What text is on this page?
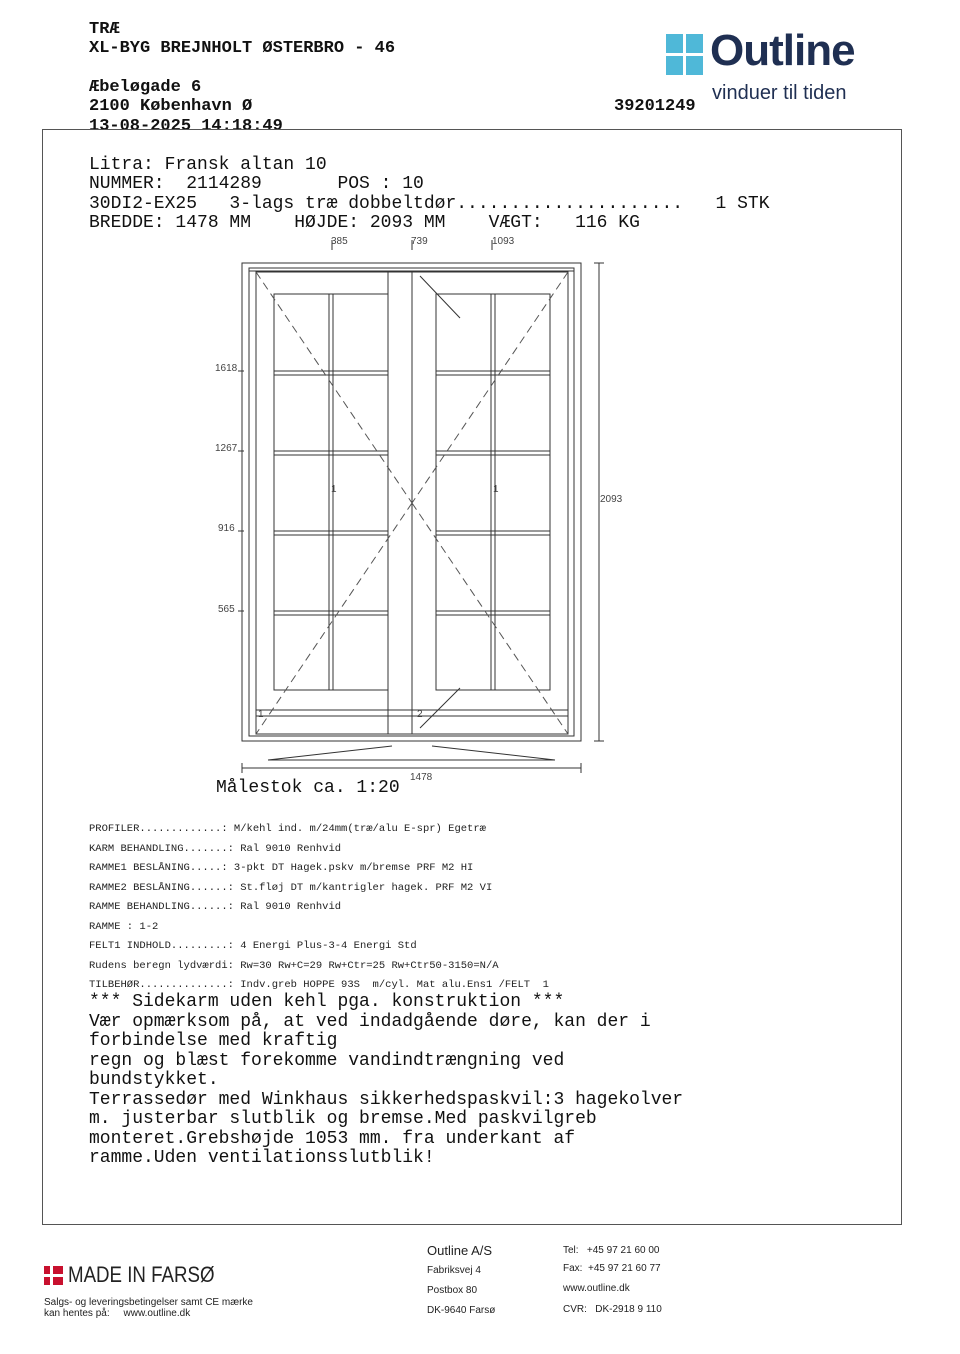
TRÆ
XL-BYG BREJNHOLT ØSTERBRO - 46
Æbeløgade 6
2100 København Ø
13-08-2025 14:18:49
39201249
Outline
vinduer til tiden
Litra: Fransk altan 10
NUMMER:  2114289       POS : 10
30DI2-EX25   3-lags træ dobbeltdør.....................   1 STK
BREDDE: 1478 MM    HØJDE: 2093 MM    VÆGT:   116 KG
385	739	1093
1618
1267
916
565
2093
1478
1	1
1	2
Målestok ca. 1:20
PROFILER.............: M/kehl ind. m/24mm(træ/alu E-spr) Egetræ
KARM BEHANDLING.......: Ral 9010 Renhvid
RAMME1 BESLÅNING.....: 3-pkt DT Hagek.pskv m/bremse PRF M2 HI
RAMME2 BESLÅNING......: St.fløj DT m/kantrigler hagek. PRF M2 VI
RAMME BEHANDLING......: Ral 9010 Renhvid
RAMME : 1-2
FELT1 INDHOLD.........: 4 Energi Plus-3-4 Energi Std
Rudens beregn lydværdi: Rw=30 Rw+C=29 Rw+Ctr=25 Rw+Ctr50-3150=N/A
TILBEHØR..............: Indv.greb HOPPE 93S  m/cyl. Mat alu.Ens1 /FELT  1
*** Sidekarm uden kehl pga. konstruktion ***
Vær opmærksom på, at ved indadgående døre, kan der i
forbindelse med kraftig
regn og blæst forekomme vandindtrængning ved
bundstykket.
Terrassedør med Winkhaus sikkerhedspaskvil:3 hagekolver
m. justerbar slutblik og bremse.Med paskvilgreb
monteret.Grebshøjde 1053 mm. fra underkant af
ramme.Uden ventilationsslutblik!
MADE IN FARSØ
Salgs- og leveringsbetingelser samt CE mærke
kan hentes på:     www.outline.dk
Outline A/S
Fabriksvej 4
Postbox 80
DK-9640 Farsø
Tel:   +45 97 21 60 00
Fax:  +45 97 21 60 77
www.outline.dk
CVR:   DK-2918 9 110
